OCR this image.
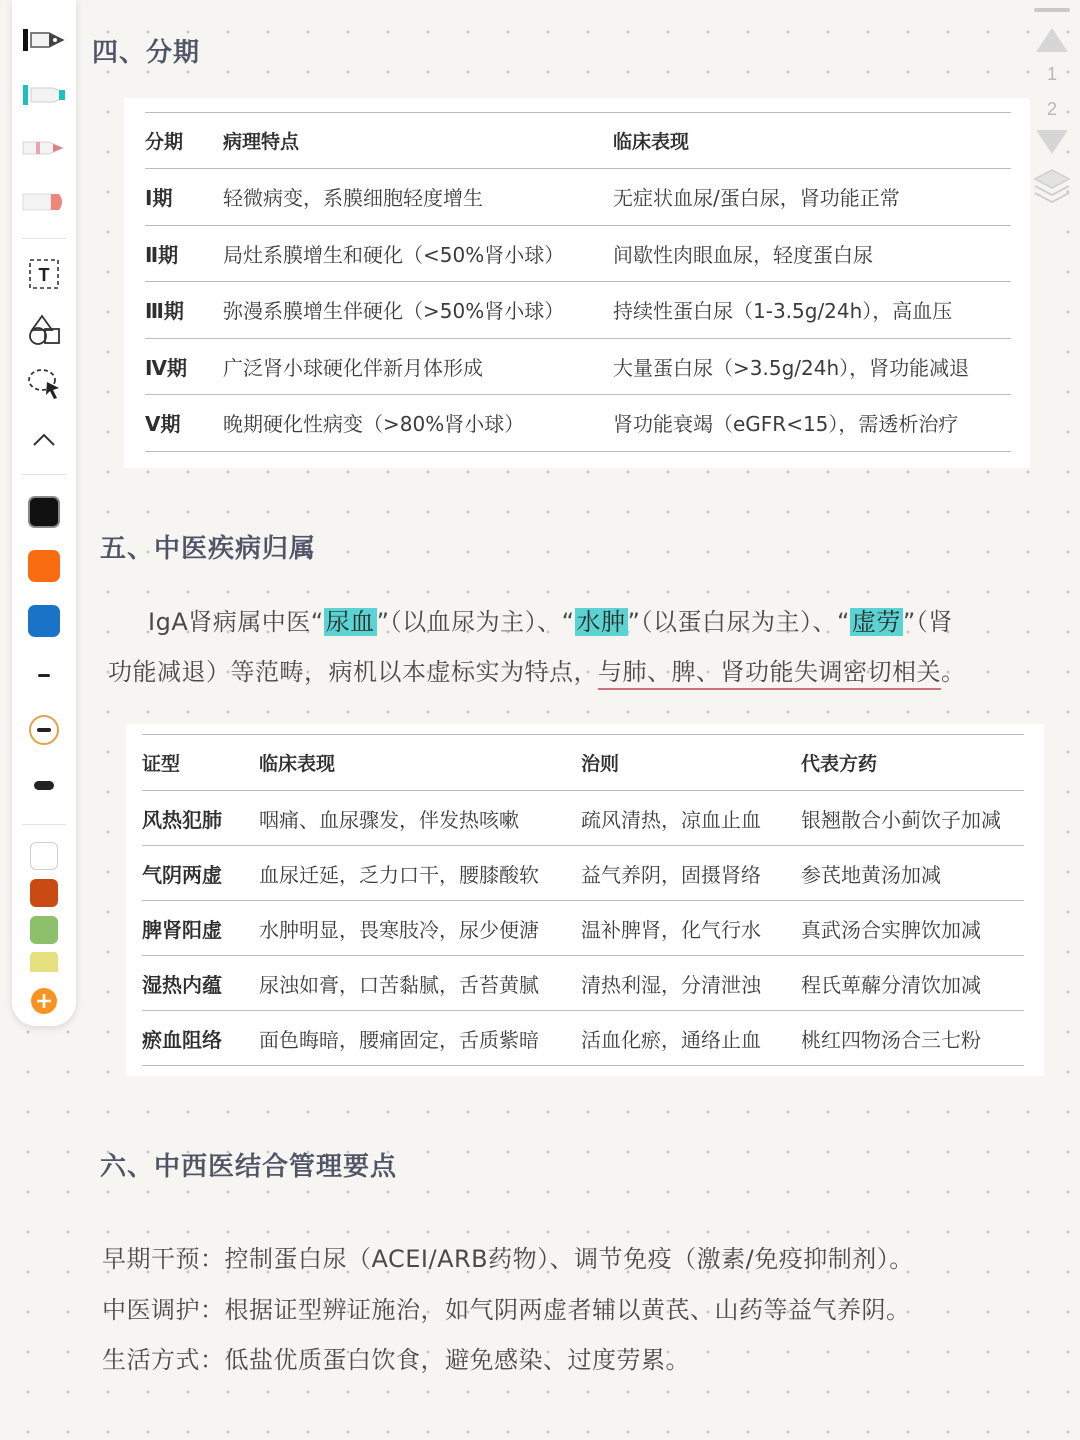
T
1
2
四、分期
分期	病理特点	临床表现
Ⅰ期	轻微病变，系膜细胞轻度增生	无症状血尿/蛋白尿，肾功能正常
Ⅱ期	局灶系膜增生和硬化（<50%肾小球）	间歇性肉眼血尿，轻度蛋白尿
Ⅲ期	弥漫系膜增生伴硬化（>50%肾小球）	持续性蛋白尿（1-3.5g/24h），高血压
Ⅳ期	广泛肾小球硬化伴新月体形成	大量蛋白尿（>3.5g/24h），肾功能减退
Ⅴ期	晚期硬化性病变（>80%肾小球）	肾功能衰竭（eGFR<15），需透析治疗
五、中医疾病归属
IgA肾病属中医“尿血”（以血尿为主）、“水肿”（以蛋白尿为主）、“虚劳”（肾
功能减退）等范畴，病机以本虚标实为特点，与肺、脾、肾功能失调密切相关。
证型	临床表现	治则	代表方药
风热犯肺	咽痛、血尿骤发，伴发热咳嗽	疏风清热，凉血止血	银翘散合小蓟饮子加减
气阴两虚	血尿迁延，乏力口干，腰膝酸软	益气养阴，固摄肾络	参芪地黄汤加减
脾肾阳虚	水肿明显，畏寒肢冷，尿少便溏	温补脾肾，化气行水	真武汤合实脾饮加减
湿热内蕴	尿浊如膏，口苦黏腻，舌苔黄腻	清热利湿，分清泄浊	程氏萆薢分清饮加减
瘀血阻络	面色晦暗，腰痛固定，舌质紫暗	活血化瘀，通络止血	桃红四物汤合三七粉
六、中西医结合管理要点
早期干预：控制蛋白尿（ACEI/ARB药物）、调节免疫（激素/免疫抑制剂）。
中医调护：根据证型辨证施治，如气阴两虚者辅以黄芪、山药等益气养阴。
生活方式：低盐优质蛋白饮食，避免感染、过度劳累。
